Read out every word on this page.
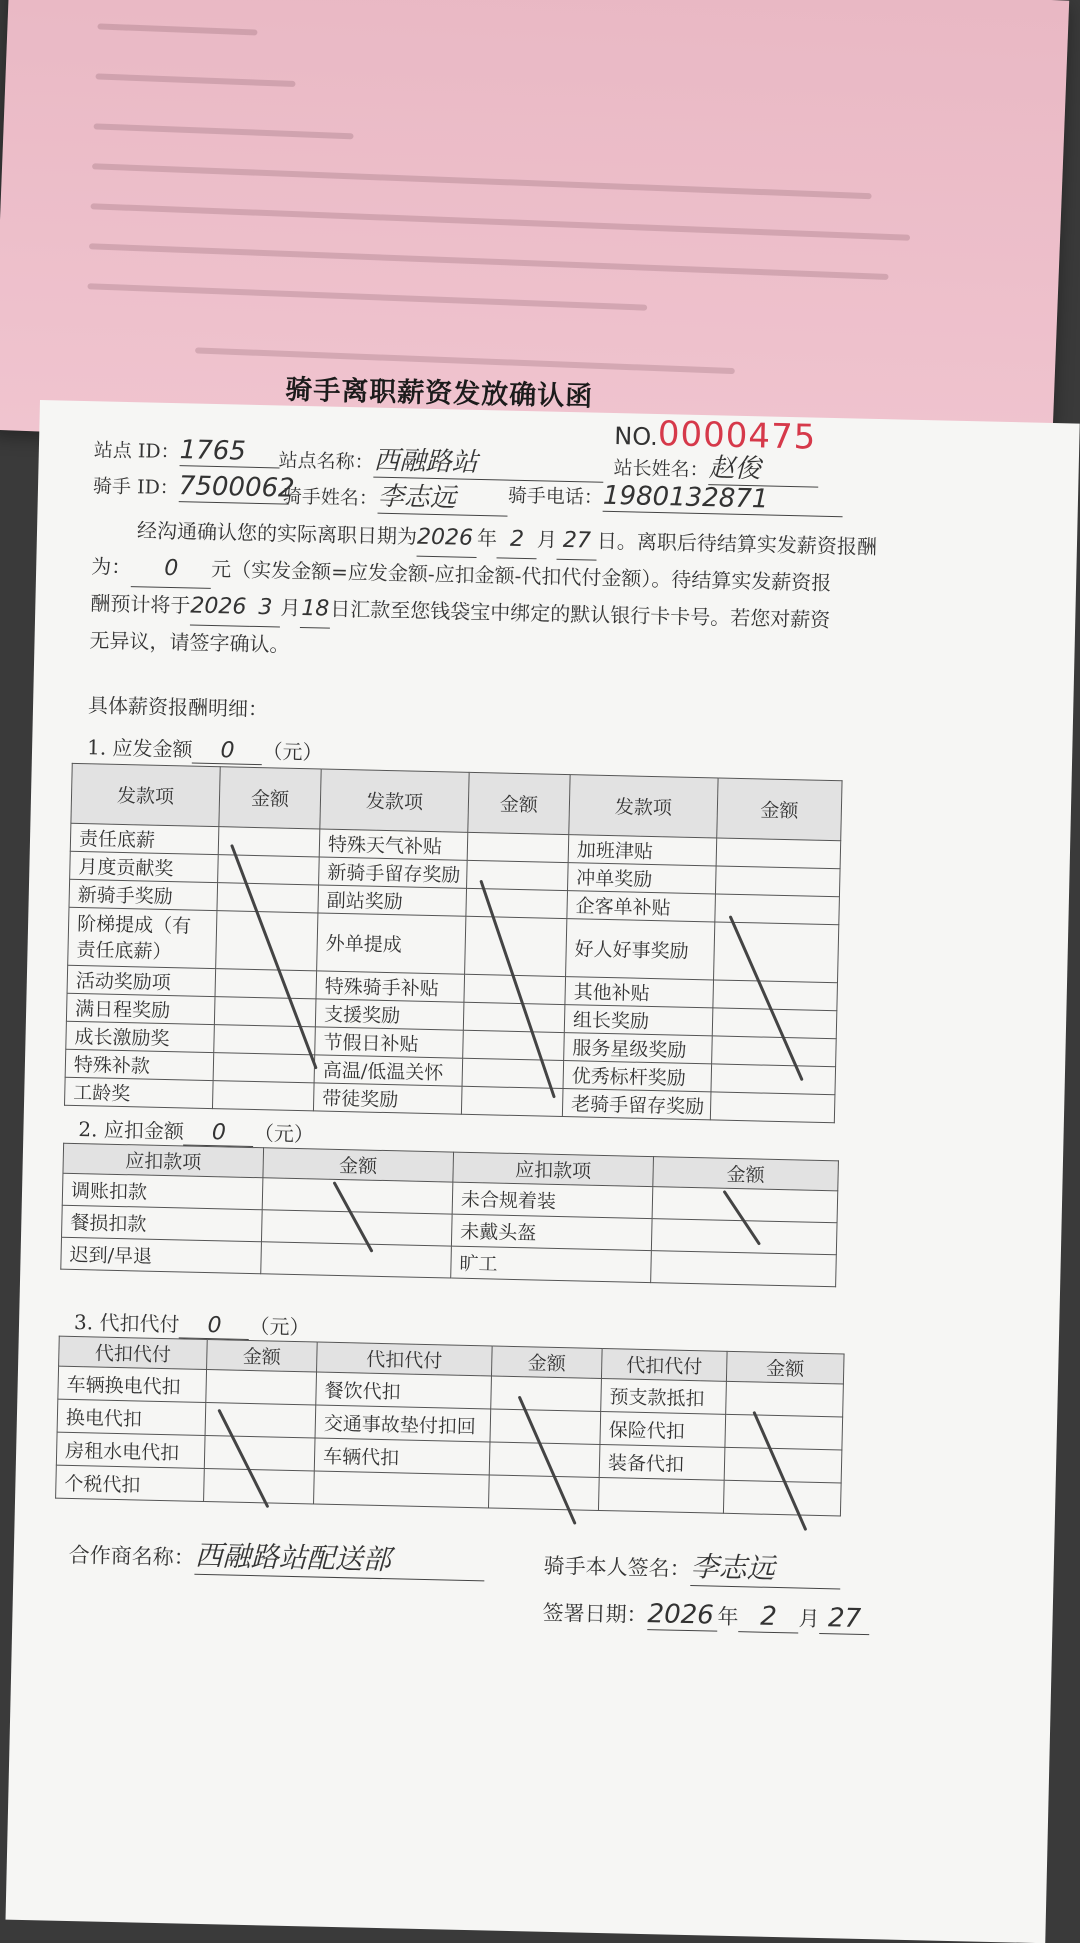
骑手离职薪资发放确认函
NO.0000475
站点 ID：1765	站点名称：西融路站	站长姓名：赵俊
骑手 ID：7500062
骑手姓名：李志远	骑手电话：1980132871
经沟通确认您的实际离职日期为2026 年 2 月 27 日。离职后待结算实发薪资报酬
为： 0 元（实发金额=应发金额-应扣金额-代扣代付金额）。待结算实发薪资报
酬预计将于2026 3 月18日汇款至您钱袋宝中绑定的默认银行卡卡号。若您对薪资
无异议，请签字确认。
具体薪资报酬明细：
1. 应发金额 0 （元）
发款项	金额	发款项	金额	发款项	金额
责任底薪		特殊天气补贴		加班津贴	
月度贡献奖		新骑手留存奖励		冲单奖励	
新骑手奖励		副站奖励		企客单补贴	
阶梯提成（有
责任底薪）		外单提成		好人好事奖励	
活动奖励项		特殊骑手补贴		其他补贴	
满日程奖励		支援奖励		组长奖励	
成长激励奖		节假日补贴		服务星级奖励	
特殊补款		高温/低温关怀		优秀标杆奖励	
工龄奖		带徒奖励		老骑手留存奖励	
2. 应扣金额 0 （元）
应扣款项	金额	应扣款项	金额
调账扣款		未合规着装	
餐损扣款		未戴头盔	
迟到/早退		旷工	
3. 代扣代付 0 （元）
代扣代付	金额	代扣代付	金额	代扣代付	金额
车辆换电代扣		餐饮代扣		预支款抵扣	
换电代扣		交通事故垫付扣回		保险代扣	
房租水电代扣		车辆代扣		装备代扣	
个税代扣					
合作商名称：西融路站配送部	骑手本人签名：李志远
签署日期：2026 年 2 月 27
